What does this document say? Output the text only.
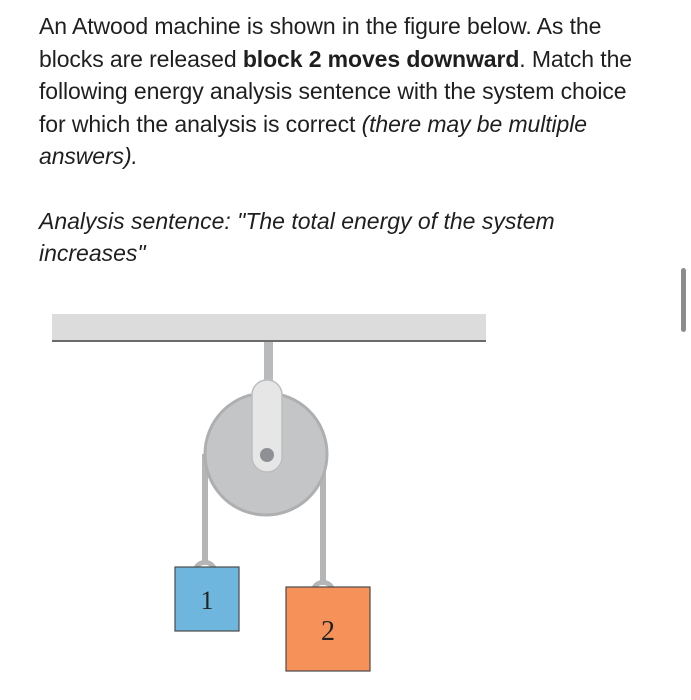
An Atwood machine is shown in the figure below. As the blocks are released block 2 moves downward. Match the following energy analysis sentence with the system choice for which the analysis is correct (there may be multiple answers).

Analysis sentence: "The total energy of the system increases"

1
2
